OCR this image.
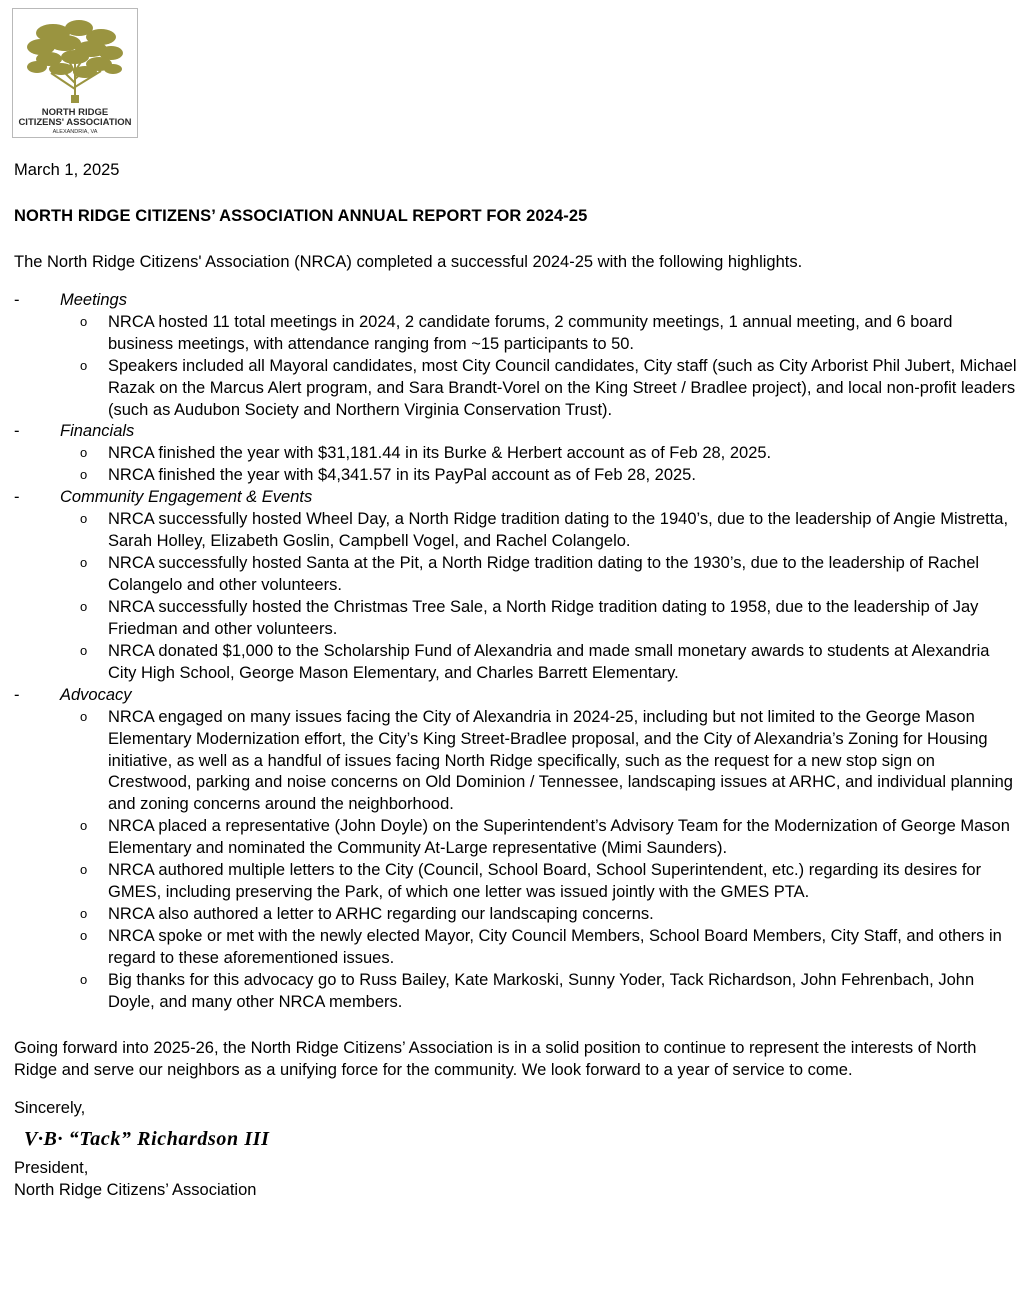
NORTH RIDGE
CITIZENS' ASSOCIATION
ALEXANDRIA, VA
March 1, 2025
NORTH RIDGE CITIZENS’ ASSOCIATION ANNUAL REPORT FOR 2024-25
The North Ridge Citizens' Association (NRCA) completed a successful 2024-25 with the following highlights.
-	Meetings
o NRCA hosted 11 total meetings in 2024, 2 candidate forums, 2 community meetings, 1 annual meeting, and 6 board business meetings, with attendance ranging from ~15 participants to 50.
o Speakers included all Mayoral candidates, most City Council candidates, City staff (such as City Arborist Phil Jubert, Michael Razak on the Marcus Alert program, and Sara Brandt-Vorel on the King Street / Bradlee project), and local non-profit leaders (such as Audubon Society and Northern Virginia Conservation Trust).
-	Financials
o NRCA finished the year with $31,181.44 in its Burke & Herbert account as of Feb 28, 2025.
o NRCA finished the year with $4,341.57 in its PayPal account as of Feb 28, 2025.
-	Community Engagement & Events
o NRCA successfully hosted Wheel Day, a North Ridge tradition dating to the 1940’s, due to the leadership of Angie Mistretta, Sarah Holley, Elizabeth Goslin, Campbell Vogel, and Rachel Colangelo.
o NRCA successfully hosted Santa at the Pit, a North Ridge tradition dating to the 1930’s, due to the leadership of Rachel Colangelo and other volunteers.
o NRCA successfully hosted the Christmas Tree Sale, a North Ridge tradition dating to 1958, due to the leadership of Jay Friedman and other volunteers.
o NRCA donated $1,000 to the Scholarship Fund of Alexandria and made small monetary awards to students at Alexandria City High School, George Mason Elementary, and Charles Barrett Elementary.
-	Advocacy
o NRCA engaged on many issues facing the City of Alexandria in 2024-25, including but not limited to the George Mason Elementary Modernization effort, the City’s King Street-Bradlee proposal, and the City of Alexandria’s Zoning for Housing initiative, as well as a handful of issues facing North Ridge specifically, such as the request for a new stop sign on Crestwood, parking and noise concerns on Old Dominion / Tennessee, landscaping issues at ARHC, and individual planning and zoning concerns around the neighborhood.
o NRCA placed a representative (John Doyle) on the Superintendent’s Advisory Team for the Modernization of George Mason Elementary and nominated the Community At-Large representative (Mimi Saunders).
o NRCA authored multiple letters to the City (Council, School Board, School Superintendent, etc.) regarding its desires for GMES, including preserving the Park, of which one letter was issued jointly with the GMES PTA.
o NRCA also authored a letter to ARHC regarding our landscaping concerns.
o NRCA spoke or met with the newly elected Mayor, City Council Members, School Board Members, City Staff, and others in regard to these aforementioned issues.
o Big thanks for this advocacy go to Russ Bailey, Kate Markoski, Sunny Yoder, Tack Richardson, John Fehrenbach, John Doyle, and many other NRCA members.
Going forward into 2025-26, the North Ridge Citizens’ Association is in a solid position to continue to represent the interests of North Ridge and serve our neighbors as a unifying force for the community. We look forward to a year of service to come.
Sincerely,
V·B· “Tack” Richardson III
President,
North Ridge Citizens’ Association
